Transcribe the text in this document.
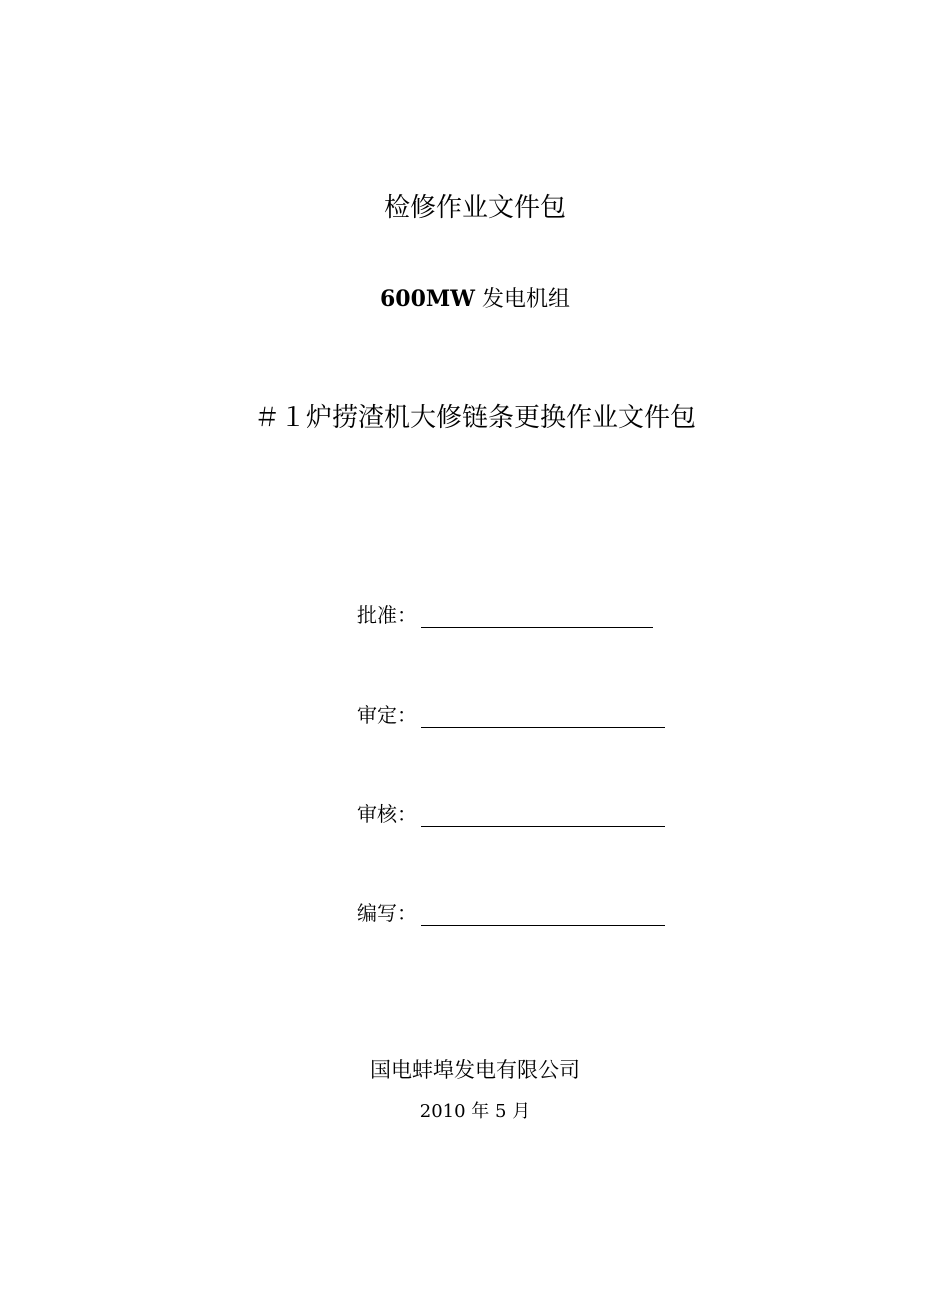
检修作业文件包
600MW 发电机组
＃１炉捞渣机大修链条更换作业文件包
批准：
审定：
审核：
编写：
国电蚌埠发电有限公司
2010 年 5 月
